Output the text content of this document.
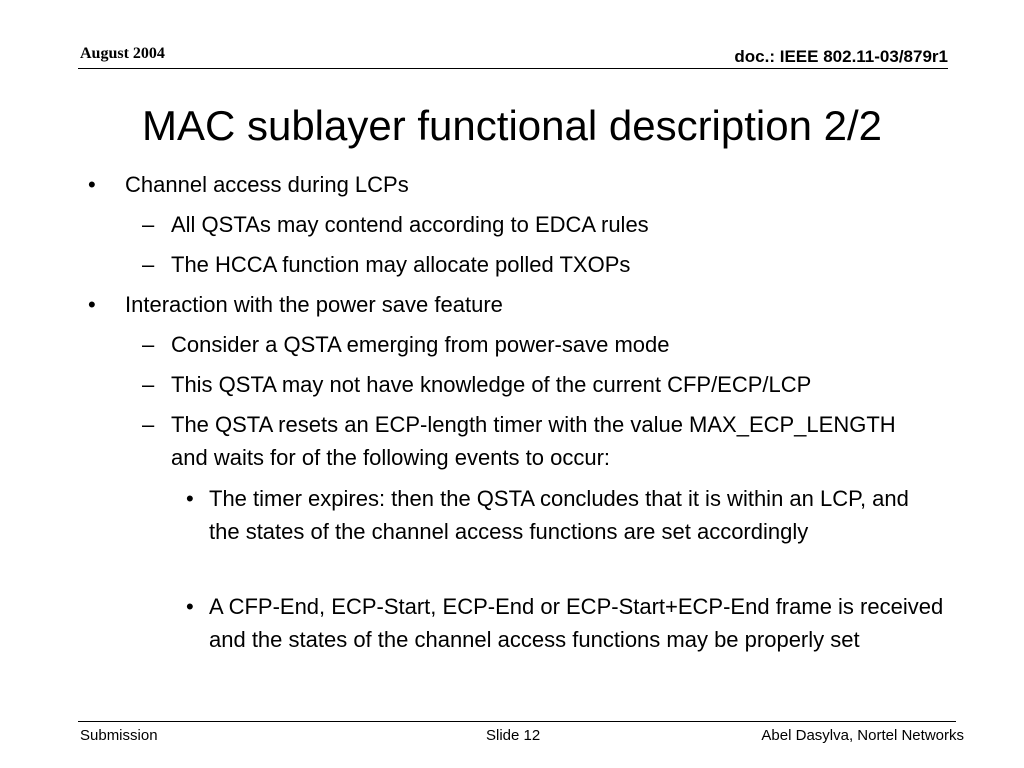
August 2004	doc.: IEEE 802.11-03/879r1
MAC sublayer functional description 2/2
• Channel access during LCPs
– All QSTAs may contend according to EDCA rules
– The HCCA function may allocate polled TXOPs
• Interaction with the power save feature
– Consider a QSTA emerging from power-save mode
– This QSTA may not have knowledge of the current CFP/ECP/LCP
– The QSTA resets an ECP-length timer with the value MAX_ECP_LENGTH and waits for of the following events to occur:
• The timer expires: then the QSTA concludes that it is within an LCP, and the states of the channel access functions are set accordingly
• A CFP-End, ECP-Start, ECP-End or ECP-Start+ECP-End frame is received and the states of the channel access functions may be properly set
Submission	Slide 12	Abel Dasylva, Nortel Networks
